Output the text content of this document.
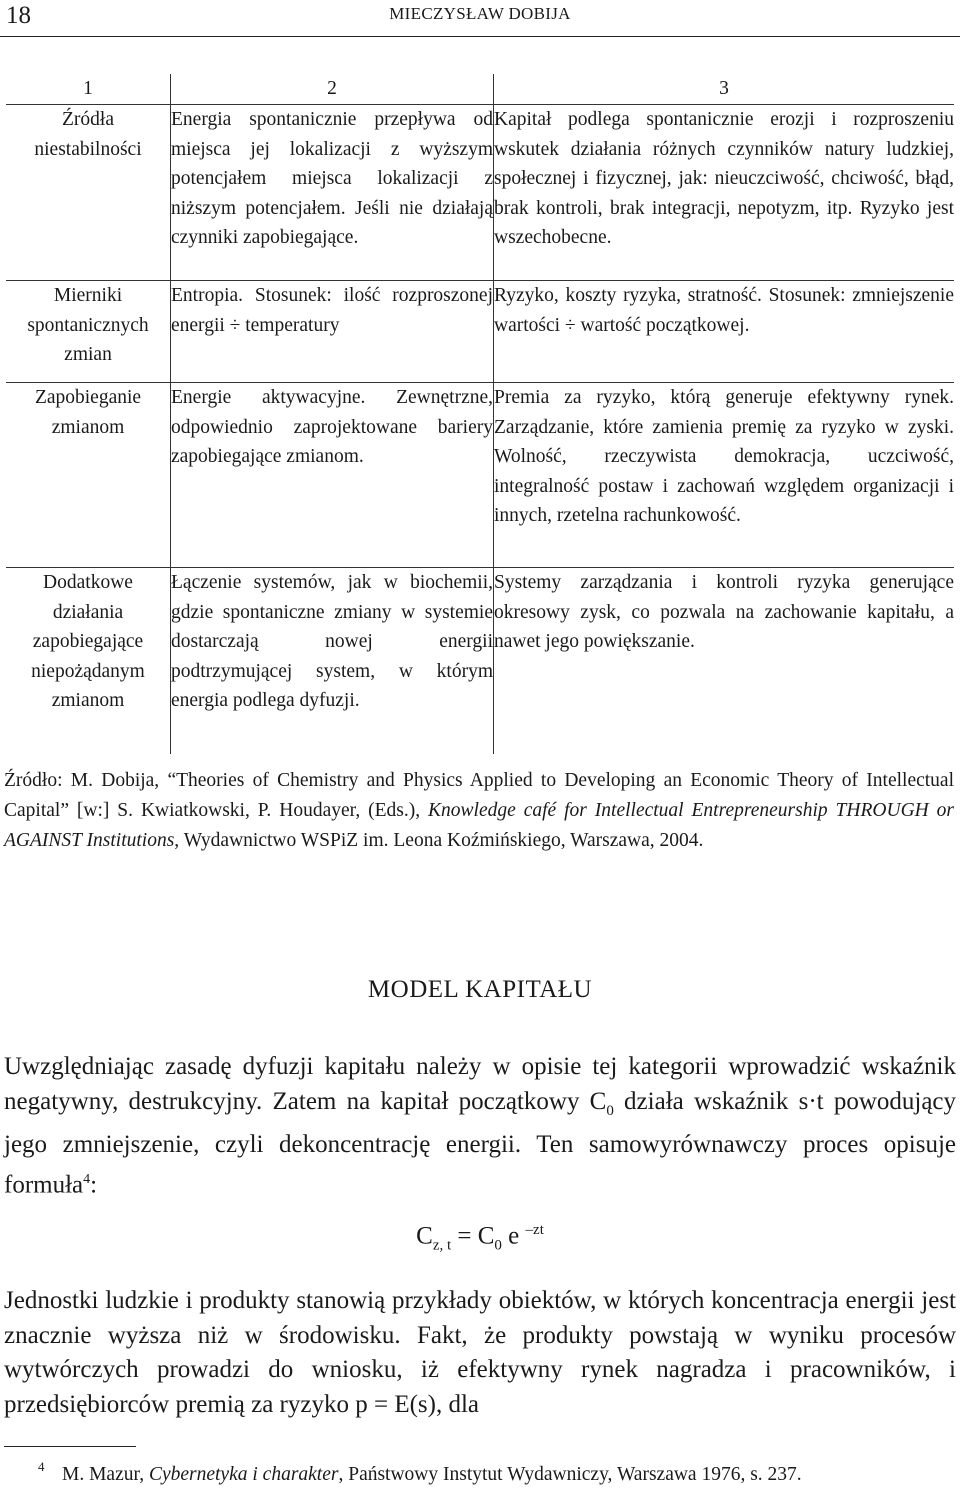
18	MIECZYSŁAW DOBIJA
1	2	3

Źródła
niestabilności	Energia spontanicznie przepływa od miejsca jej lokalizacji z wyższym potencjałem miejsca lokalizacji z niższym potencjałem. Jeśli nie działają czynniki zapobiegające.	Kapitał podlega spontanicznie erozji i rozproszeniu wskutek działania różnych czynników natury ludzkiej, społecznej i fizycznej, jak: nieuczciwość, chciwość, błąd, brak kontroli, brak integracji, nepotyzm, itp. Ryzyko jest wszechobecne.

Mierniki
spontanicznych
zmian	Entropia. Stosunek: ilość rozproszonej energii ÷ temperatury	Ryzyko, koszty ryzyka, stratność. Stosunek: zmniejszenie wartości ÷ wartość początkowej.

Zapobieganie
zmianom	Energie aktywacyjne. Zewnętrzne, odpowiednio zaprojektowane bariery zapobiegające zmianom.	Premia za ryzyko, którą generuje efektywny rynek. Zarządzanie, które zamienia premię za ryzyko w zyski. Wolność, rzeczywista demokracja, uczciwość, integralność postaw i zachowań względem organizacji i innych, rzetelna rachunkowość.

Dodatkowe
działania
zapobiegające
niepożądanym
zmianom	Łączenie systemów, jak w biochemii, gdzie spontaniczne zmiany w systemie dostarczają nowej energii podtrzymującej system, w którym energia podlega dyfuzji.	Systemy zarządzania i kontroli ryzyka generujące okresowy zysk, co pozwala na zachowanie kapitału, a nawet jego powiększanie.
Źródło: M. Dobija, “Theories of Chemistry and Physics Applied to Developing an Economic Theory of Intellectual Capital” [w:] S. Kwiatkowski, P. Houdayer, (Eds.), Knowledge café for Intellectual Entrepreneurship THROUGH or AGAINST Institutions, Wydawnictwo WSPiZ im. Leona Koźmińskiego, Warszawa, 2004.
MODEL KAPITAŁU
Uwzględniając zasadę dyfuzji kapitału należy w opisie tej kategorii wprowadzić wskaźnik negatywny, destrukcyjny. Zatem na kapitał początkowy $C_0$ działa wskaźnik s·t powodujący jego zmniejszenie, czyli dekoncentrację energii. Ten samowyrównawczy proces opisuje formuła$^4$:
$C_{z, t} = C_0$ e $^{-zt}$
Jednostki ludzkie i produkty stanowią przykłady obiektów, w których koncentracja energii jest znacznie wyższa niż w środowisku. Fakt, że produkty powstają w wyniku procesów wytwórczych prowadzi do wniosku, iż efektywny rynek nagradza i pracowników, i przedsiębiorców premią za ryzyko p = E(s), dla
4 M. Mazur, Cybernetyka i charakter, Państwowy Instytut Wydawniczy, Warszawa 1976, s. 237.
